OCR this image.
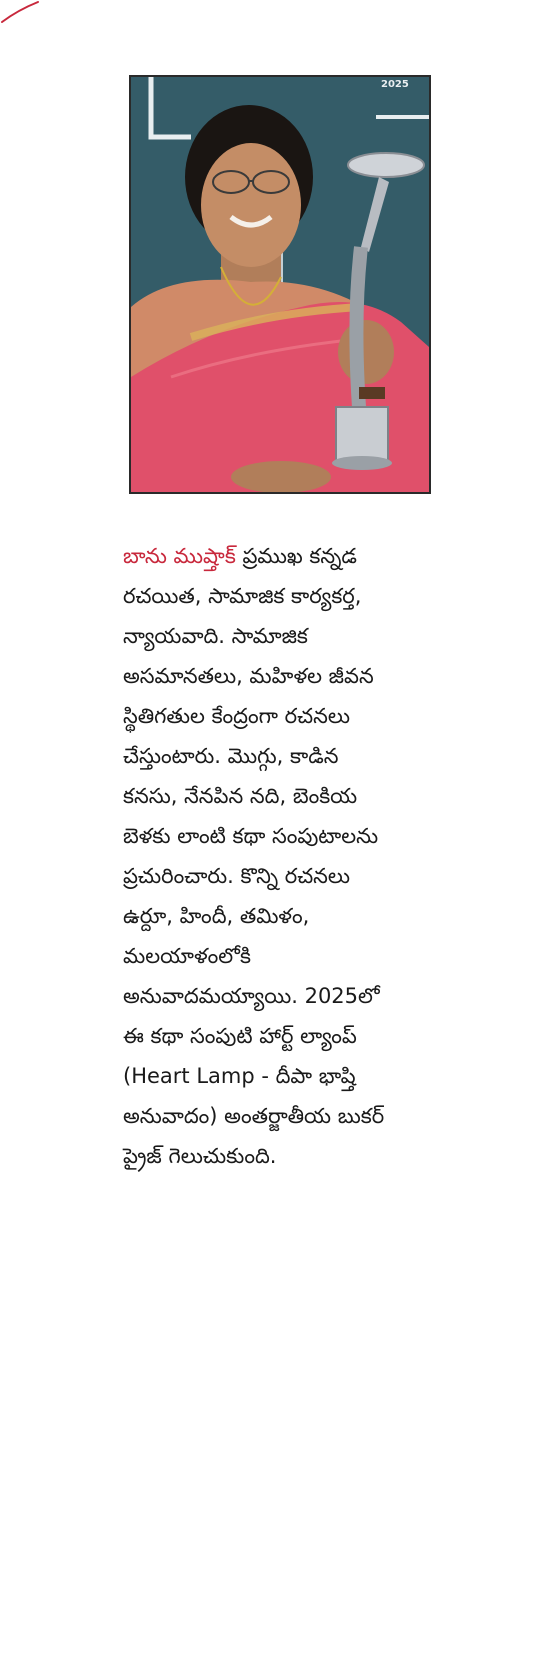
2025
బాను ముష్తాక్ ప్రముఖ కన్నడ
రచయిత, సామాజిక కార్యకర్త,
న్యాయవాది. సామాజిక
అసమానతలు, మహిళల జీవన
స్థితిగతుల కేంద్రంగా రచనలు
చేస్తుంటారు. మొగ్గు, కాడిన
కనసు, నేనపిన నది, బెంకియ
బెళకు లాంటి కథా సంపుటాలను
ప్రచురించారు. కొన్ని రచనలు
ఉర్దూ, హిందీ, తమిళం,
మలయాళంలోకి
అనువాదమయ్యాయి. 2025లో
ఈ కథా సంపుటి హార్ట్ ల్యాంప్
(Heart Lamp - దీపా భాష్తి
అనువాదం) అంతర్జాతీయ బుకర్
ప్రైజ్ గెలుచుకుంది.
